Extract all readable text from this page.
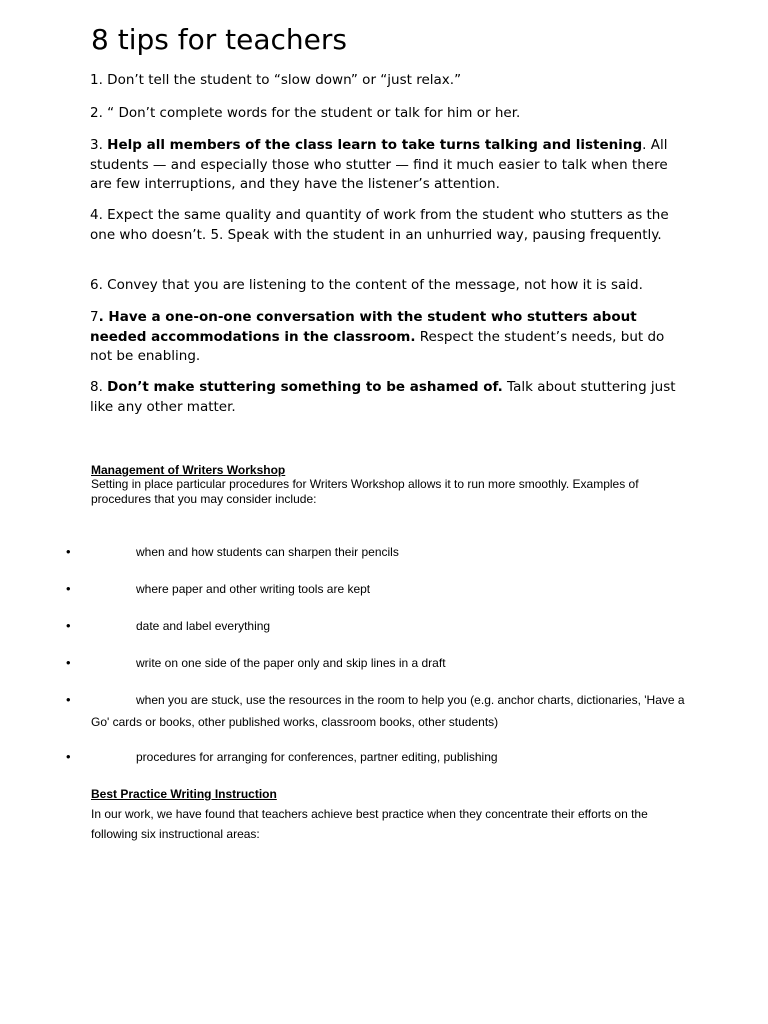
8 tips for teachers

1. Don’t tell the student to “slow down” or “just relax.”

2. “ Don’t complete words for the student or talk for him or her.

3. Help all members of the class learn to take turns talking and listening. All students — and especially those who stutter — find it much easier to talk when there are few interruptions, and they have the listener’s attention.

4. Expect the same quality and quantity of work from the student who stutters as the one who doesn’t. 5. Speak with the student in an unhurried way, pausing frequently.

6. Convey that you are listening to the content of the message, not how it is said.

7. Have a one-on-one conversation with the student who stutters about needed accommodations in the classroom. Respect the student’s needs, but do not be enabling.

8. Don’t make stuttering something to be ashamed of. Talk about stuttering just like any other matter.

Management of Writers Workshop

Setting in place particular procedures for Writers Workshop allows it to run more smoothly. Examples of procedures that you may consider include:

•	when and how students can sharpen their pencils
•	where paper and other writing tools are kept
•	date and label everything
•	write on one side of the paper only and skip lines in a draft
•	when you are stuck, use the resources in the room to help you (e.g. anchor charts, dictionaries, 'Have a Go' cards or books, other published works, classroom books, other students)
•	procedures for arranging for conferences, partner editing, publishing
Best Practice Writing Instruction

In our work, we have found that teachers achieve best practice when they concentrate their efforts on the following six instructional areas:
